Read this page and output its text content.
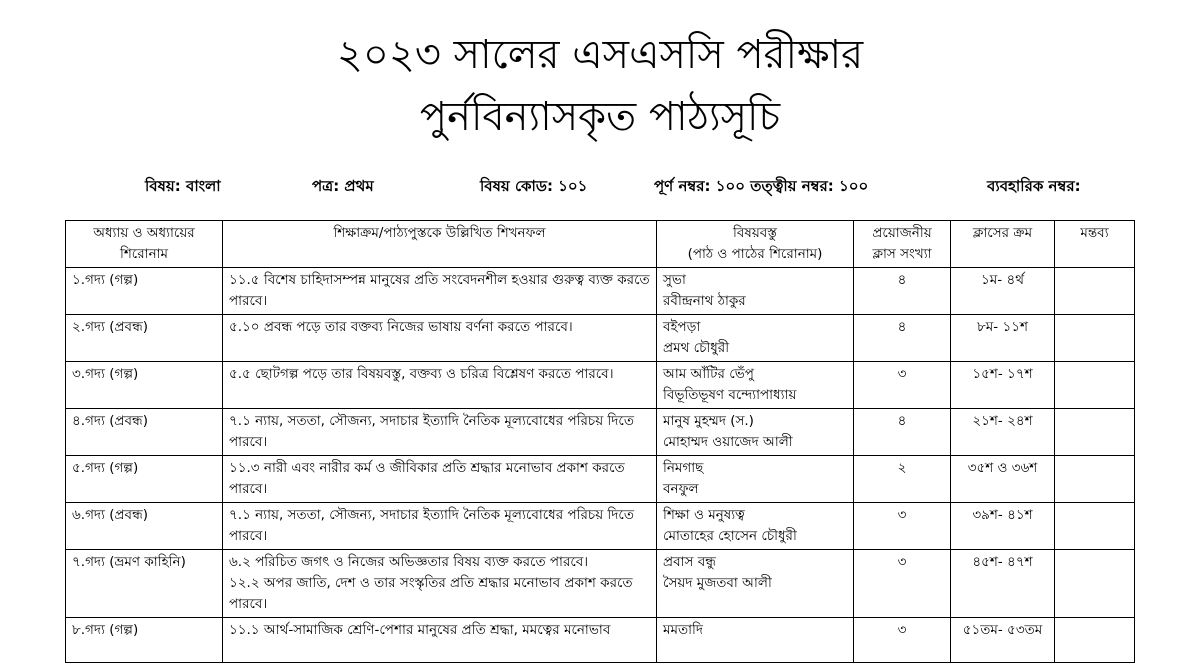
২০২৩ সালের এসএসসি পরীক্ষার
পুর্নবিন্যাসকৃত পাঠ্যসূচি
বিষয়: বাংলা	পত্র: প্রথম	বিষয় কোড: ১০১	পূর্ণ নম্বর: ১০০ তত্ত্বীয় নম্বর: ১০০	ব্যবহারিক নম্বর:
অধ্যায় ও অধ্যায়ের শিরোনাম	শিক্ষাক্রম/পাঠ্যপুস্তকে উল্লিখিত শিখনফল	বিষয়বস্তু
(পাঠ ও পাঠের শিরোনাম)	প্রয়োজনীয় ক্লাস সংখ্যা	ক্লাসের ক্রম	মন্তব্য
১.গদ্য (গল্প)	১১.৫ বিশেষ চাহিদাসম্পন্ন মানুষের প্রতি সংবেদনশীল হওয়ার গুরুত্ব ব্যক্ত করতে পারবে।	সুভা
রবীন্দ্রনাথ ঠাকুর	৪	১ম- ৪র্থ	
২.গদ্য (প্রবন্ধ)	৫.১০ প্রবন্ধ পড়ে তার বক্তব্য নিজের ভাষায় বর্ণনা করতে পারবে।	বইপড়া
প্রমথ চৌধুরী	৪	৮ম- ১১শ	
৩.গদ্য (গল্প)	৫.৫ ছোটগল্প পড়ে তার বিষয়বস্তু, বক্তব্য ও চরিত্র বিশ্লেষণ করতে পারবে।	আম আঁটির ভেঁপু
বিভূতিভূষণ বন্দ্যোপাধ্যায়	৩	১৫শ- ১৭শ	
৪.গদ্য (প্রবন্ধ)	৭.১ ন্যায়, সততা, সৌজন্য, সদাচার ইত্যাদি নৈতিক মূল্যবোধের পরিচয় দিতে পারবে।	মানুষ মুহম্মদ (স.)
মোহাম্মদ ওয়াজেদ আলী	৪	২১শ- ২৪শ	
৫.গদ্য (গল্প)	১১.৩ নারী এবং নারীর কর্ম ও জীবিকার প্রতি শ্রদ্ধার মনোভাব প্রকাশ করতে পারবে।	নিমগাছ
বনফুল	২	৩৫শ ও ৩৬শ	
৬.গদ্য (প্রবন্ধ)	৭.১ ন্যায়, সততা, সৌজন্য, সদাচার ইত্যাদি নৈতিক মূল্যবোধের পরিচয় দিতে পারবে।	শিক্ষা ও মনুষ্যত্ব
মোতাহের হোসেন চৌধুরী	৩	৩৯শ- ৪১শ	
৭.গদ্য (ভ্রমণ কাহিনি)	৬.২ পরিচিত জগৎ ও নিজের অভিজ্ঞতার বিষয় ব্যক্ত করতে পারবে।
১২.২ অপর জাতি, দেশ ও তার সংস্কৃতির প্রতি শ্রদ্ধার মনোভাব প্রকাশ করতে পারবে।	প্রবাস বন্ধু
সৈয়দ মুজতবা আলী	৩	৪৫শ- ৪৭শ	
৮.গদ্য (গল্প)	১১.১ আর্থ-সামাজিক শ্রেণি-পেশার মানুষের প্রতি শ্রদ্ধা, মমত্বের মনোভাব	মমতাদি	৩	৫১তম- ৫৩তম	
